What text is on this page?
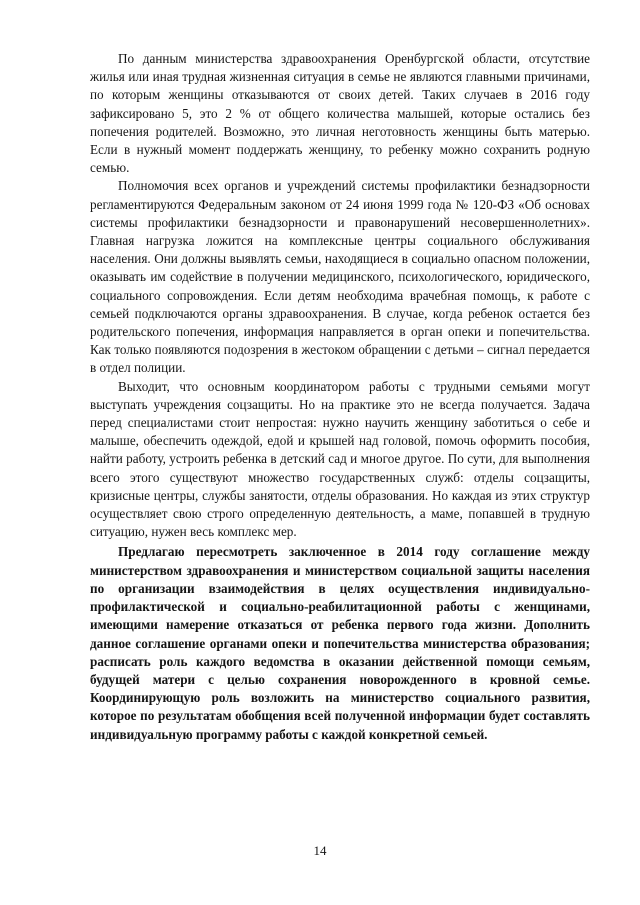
По данным министерства здравоохранения Оренбургской области, отсутствие жилья или иная трудная жизненная ситуация в семье не являются главными причинами, по которым женщины отказываются от своих детей. Таких случаев в 2016 году зафиксировано 5, это 2 % от общего количества малышей, которые остались без попечения родителей. Возможно, это личная неготовность женщины быть матерью. Если в нужный момент поддержать женщину, то ребенку можно сохранить родную семью.

Полномочия всех органов и учреждений системы профилактики безнадзорности регламентируются Федеральным законом от 24 июня 1999 года № 120-ФЗ «Об основах системы профилактики безнадзорности и правонарушений несовершеннолетних». Главная нагрузка ложится на комплексные центры социального обслуживания населения. Они должны выявлять семьи, находящиеся в социально опасном положении, оказывать им содействие в получении медицинского, психологического, юридического, социального сопровождения. Если детям необходима врачебная помощь, к работе с семьей подключаются органы здравоохранения. В случае, когда ребенок остается без родительского попечения, информация направляется в орган опеки и попечительства. Как только появляются подозрения в жестоком обращении с детьми – сигнал передается в отдел полиции.

Выходит, что основным координатором работы с трудными семьями могут выступать учреждения соцзащиты. Но на практике это не всегда получается. Задача перед специалистами стоит непростая: нужно научить женщину заботиться о себе и малыше, обеспечить одеждой, едой и крышей над головой, помочь оформить пособия, найти работу, устроить ребенка в детский сад и многое другое. По сути, для выполнения всего этого существуют множество государственных служб: отделы соцзащиты, кризисные центры, службы занятости, отделы образования. Но каждая из этих структур осуществляет свою строго определенную деятельность, а маме, попавшей в трудную ситуацию, нужен весь комплекс мер.

Предлагаю пересмотреть заключенное в 2014 году соглашение между министерством здравоохранения и министерством социальной защиты населения по организации взаимодействия в целях осуществления индивидуально-профилактической и социально-реабилитационной работы с женщинами, имеющими намерение отказаться от ребенка первого года жизни. Дополнить данное соглашение органами опеки и попечительства министерства образования; расписать роль каждого ведомства в оказании действенной помощи семьям, будущей матери с целью сохранения новорожденного в кровной семье. Координирующую роль возложить на министерство социального развития, которое по результатам обобщения всей полученной информации будет составлять индивидуальную программу работы с каждой конкретной семьей.

14
